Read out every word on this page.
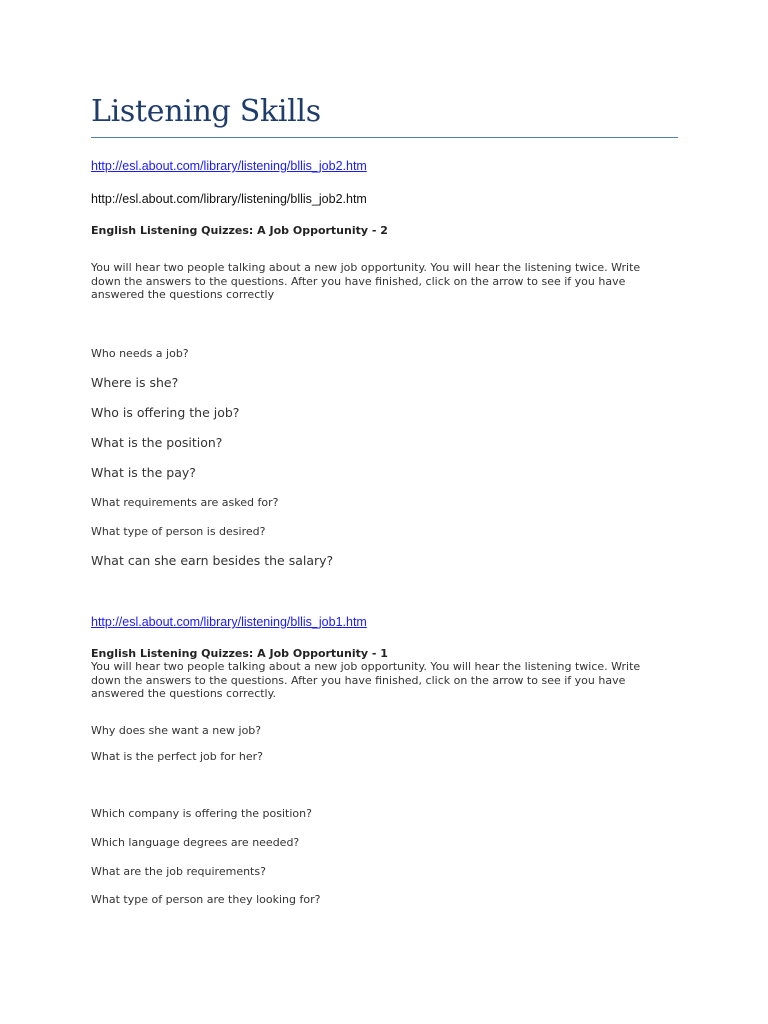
Listening Skills
http://esl.about.com/library/listening/bllis_job2.htm
http://esl.about.com/library/listening/bllis_job2.htm
English Listening Quizzes: A Job Opportunity - 2
You will hear two people talking about a new job opportunity. You will hear the listening twice. Write down the answers to the questions. After you have finished, click on the arrow to see if you have answered the questions correctly
Who needs a job?
Where is she?
Who is offering the job?
What is the position?
What is the pay?
What requirements are asked for?
What type of person is desired?
What can she earn besides the salary?
http://esl.about.com/library/listening/bllis_job1.htm
English Listening Quizzes: A Job Opportunity - 1
You will hear two people talking about a new job opportunity. You will hear the listening twice. Write down the answers to the questions. After you have finished, click on the arrow to see if you have answered the questions correctly.
Why does she want a new job?
What is the perfect job for her?
Which company is offering the position?
Which language degrees are needed?
What are the job requirements?
What type of person are they looking for?
